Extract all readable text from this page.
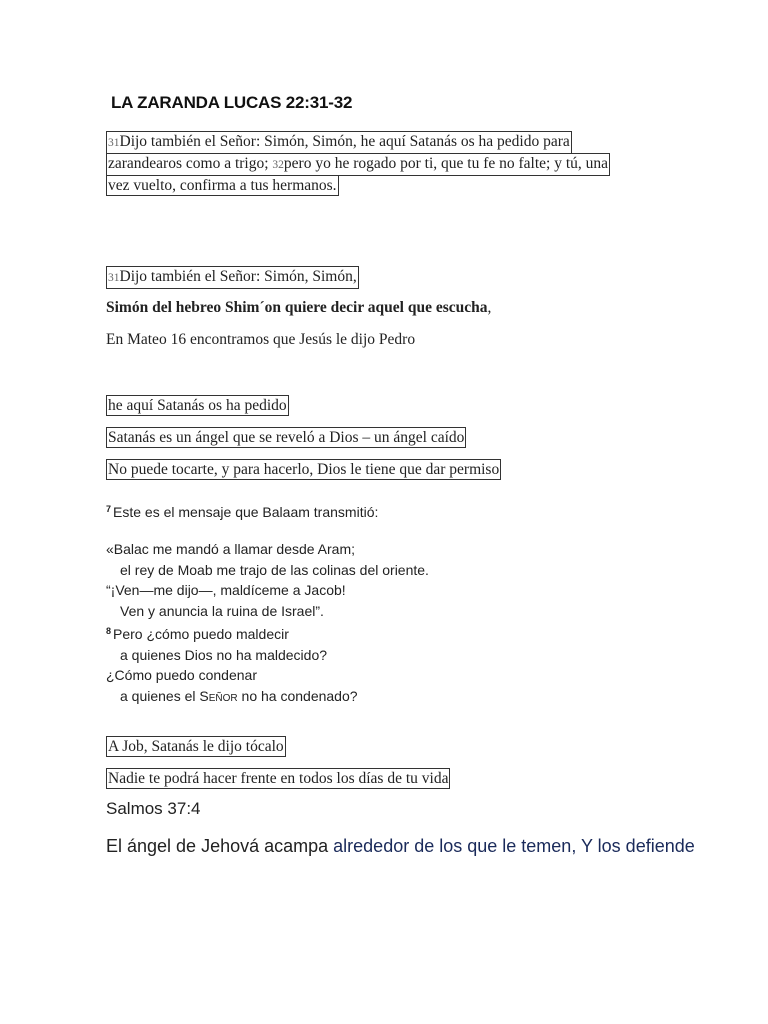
LA ZARANDA LUCAS 22:31-32
31Dijo también el Señor: Simón, Simón, he aquí Satanás os ha pedido para
zarandearos como a trigo; 32pero yo he rogado por ti, que tu fe no falte; y tú, una
vez vuelto, confirma a tus hermanos.
31Dijo también el Señor: Simón, Simón,
Simón del hebreo Shim´on quiere decir aquel que escucha,
En Mateo 16 encontramos que Jesús le dijo Pedro
he aquí Satanás os ha pedido
Satanás es un ángel que se reveló a Dios – un ángel caído
No puede tocarte, y para hacerlo, Dios le tiene que dar permiso
$^7$ Este es el mensaje que Balaam transmitió:
«Balac me mandó a llamar desde Aram;
el rey de Moab me trajo de las colinas del oriente.
“¡Ven—me dijo—, maldíceme a Jacob!
Ven y anuncia la ruina de Israel”.
$^8$ Pero ¿cómo puedo maldecir
a quienes Dios no ha maldecido?
¿Cómo puedo condenar
a quienes el Señor no ha condenado?
A Job, Satanás le dijo tócalo
Nadie te podrá hacer frente en todos los días de tu vida
Salmos 37:4
El ángel de Jehová acampa alrededor de los que le temen, Y los defiende
